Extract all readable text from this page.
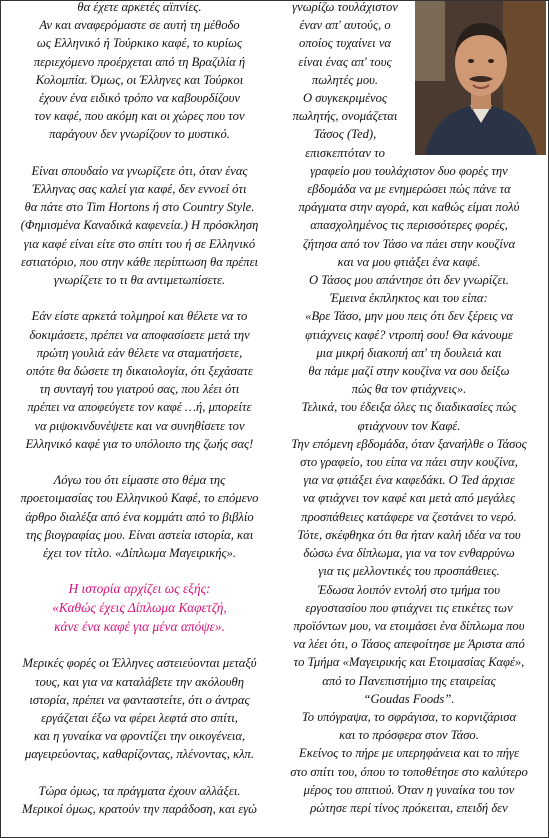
θα έχετε αρκετές αϊπνίες.
Αν και αναφερόμαστε σε αυτή τη μέθοδο
ως Ελληνικό ή Τούρκικο καφέ, το κυρίως
περιεχόμενο προέρχεται από τη Βραζιλία ή
Κολομπία. Όμως, οι Έλληνες και Τούρκοι
έχουν ένα ειδικό τρόπο να καβουρδίζουν
τον καφέ, που ακόμη και οι χώρες που τον
παράγουν δεν γνωρίζουν το μυστικό.

Είναι σπουδαίο να γνωρίζετε ότι, όταν ένας
Έλληνας σας καλεί για καφέ, δεν εννοεί ότι
θα πάτε στο Tim Hortons ή στο Country Style.
(Φημισμένα Καναδικά καφενεία.) Η πρόσκληση
για καφέ είναι είτε στο σπίτι του ή σε Ελληνικό
εστιατόριο, που στην κάθε περίπτωση θα πρέπει
γνωρίζετε το τι θα αντιμετωπίσετε.

Εάν είστε αρκετά τολμηροί και θέλετε να το
δοκιμάσετε, πρέπει να αποφασίσετε μετά την
πρώτη γουλιά εάν θέλετε να σταματήσετε,
οπότε θα δώσετε τη δικαιολογία, ότι ξεχάσατε
τη συνταγή του γιατρού σας, που λέει ότι
πρέπει να αποφεύγετε τον καφέ …ή, μπορείτε
να ριψοκινδυνέψετε και να συνηθίσετε τον
Ελληνικό καφέ για το υπόλοιπο της ζωής σας!

Λόγω του ότι είμαστε στο θέμα της
προετοιμασίας του Ελληνικού Καφέ, το επόμενο
άρθρο διαλέξα από ένα κομμάτι από το βιβλίο
της βιογραφίας μου. Είναι αστεία ιστορία, και
έχει τον τίτλο. «Δίπλωμα Μαγειρικής».

Η ιστορία αρχίζει ως εξής:
«Καθώς έχεις Δίπλωμα Καφετζή,
κάνε ένα καφέ για μένα απόψε».

Μερικές φορές οι Έλληνες αστειεύονται μεταξύ
τους, και για να καταλάβετε την ακόλουθη
ιστορία, πρέπει να φανταστείτε, ότι ο άντρας
εργάζεται έξω να φέρει λεφτά στο σπίτι,
και η γυναίκα να φροντίζει την οικογένεια,
μαγειρεύοντας, καθαρίζοντας, πλένοντας, κλπ.

Τώρα όμως, τα πράγματα έχουν αλλάξει.
Μερικοί όμως, κρατούν την παράδοση, και εγώ

γνωρίζω τουλάχιστον
έναν απ' αυτούς, ο
οποίος τυχαίνει να
είναι ένας απ' τους
πωλητές μου.
Ο συγκεκριμένος
πωλητής, ονομάζεται
Τάσος (Ted),
επισκεπτόταν το

γραφείο μου τουλάχιστον δυο φορές την
εβδομάδα να με ενημερώσει πώς πάνε τα
πράγματα στην αγορά, και καθώς είμαι πολύ
απασχολημένος τις περισσότερες φορές,
ζήτησα από τον Τάσο να πάει στην κουζίνα
και να μου φτιάξει ένα καφέ.
Ο Τάσος μου απάντησε ότι δεν γνωρίζει.
Έμεινα έκπληκτος και του είπα:
«Βρε Τάσο, μην μου πεις ότι δεν ξέρεις να
φτιάχνεις καφέ? ντροπή σου! Θα κάνουμε
μια μικρή διακοπή απ' τη δουλειά και
θα πάμε μαζί στην κουζίνα να σου δείξω
πώς θα τον φτιάχνεις».
Τελικά, του έδειξα όλες τις διαδικασίες πώς
φτιάχνουν τον Καφέ.
Την επόμενη εβδομάδα, όταν ξαναήλθε ο Τάσος
στο γραφείο, του είπα να πάει στην κουζίνα,
για να φτιάξει ένα καφεδάκι. Ο Ted άρχισε
να φτιάχνει τον καφέ και μετά από μεγάλες
προσπάθειες κατάφερε να ζεστάνει το νερό.
Τότε, σκέφθηκα ότι θα ήταν καλή ιδέα να του
δώσω ένα δίπλωμα, για να τον ενθαρρύνω
για τις μελλοντικές του προσπάθειες.
Έδωσα λοιπόν εντολή στο τμήμα του
εργοστασίου που φτιάχνει τις ετικέτες των
προϊόντων μου, να ετοιμάσει ένα δίπλωμα που
να λέει ότι, ο Τάσος απεφοίτησε με Άριστα από
το Τμήμα «Μαγειρικής και Ετοιμασίας Καφέ»,
από το Πανεπιστήμιο της εταιρείας
“Goudas Foods”.
Το υπόγραψα, το σφράγισα, το κορνιζάρισα
και το πρόσφερα στον Τάσο.
Εκείνος το πήρε με υπερηφάνεια και το πήγε
στο σπίτι του, όπου το τοποθέτησε στο καλύτερο
μέρος του σπιτιού. Όταν η γυναίκα του τον
ρώτησε περί τίνος πρόκειται, επειδή δεν
